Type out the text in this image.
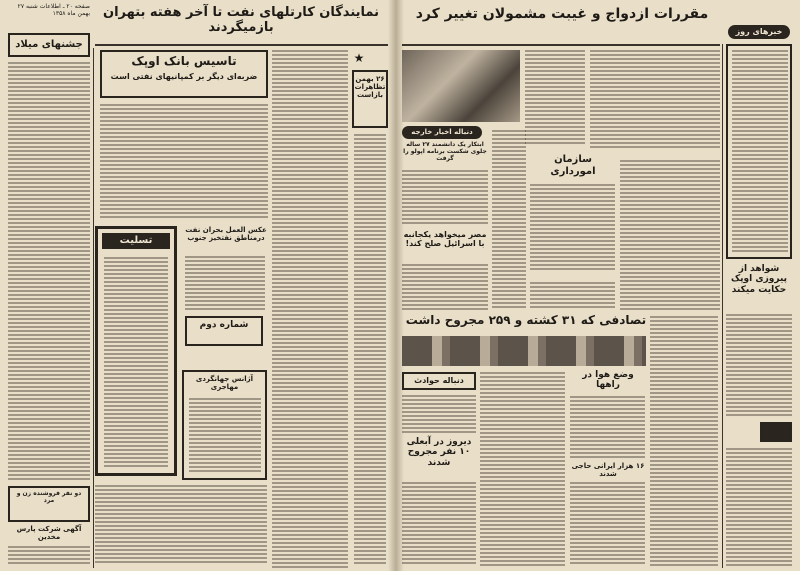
صفحه ۲۰ ـ اطلاعات شنبه ۲۷ بهمن ماه ۱۳۵۸ نمایندگان کارتلهای نفت تا آخر هفته بتهران بازمیگردند
جشنهای میلاد
تاسیس بانک اوپک
ضربه‌ای دیگر بر کمپانیهای نفتی است
★
۲۶ بهمن تظاهرات بازاست
تسلیت
عکس العمل بحران نفت درمناطق نفتخیز جنوب
شماره دوم
آژانس جهانگردی مهاجری
دو نفر فروشنده زن و مرد
آگهی شرکت پارس مخدین
مقررات ازدواج و غیبت مشمولان تغییر کرد
خبرهای روز
شواهد از پیروزی اوپک حکایت میکند
دنباله اخبار خارجه
ابتکار یک دانشمند ۲۷ ساله جلوی شکست برنامه اپولو را گرفت
مصر میخواهد یکجانبه با اسرائیل صلح کند!
سازمان امورداری
تصادفی که ۳۱ کشته و ۲۵۹ مجروح داشت
دنباله حوادث
دیروز در آبعلی ۱۰ نفر مجروح شدند
وضع هوا در راهها
۱۶ هزار ایرانی حاجی شدند
